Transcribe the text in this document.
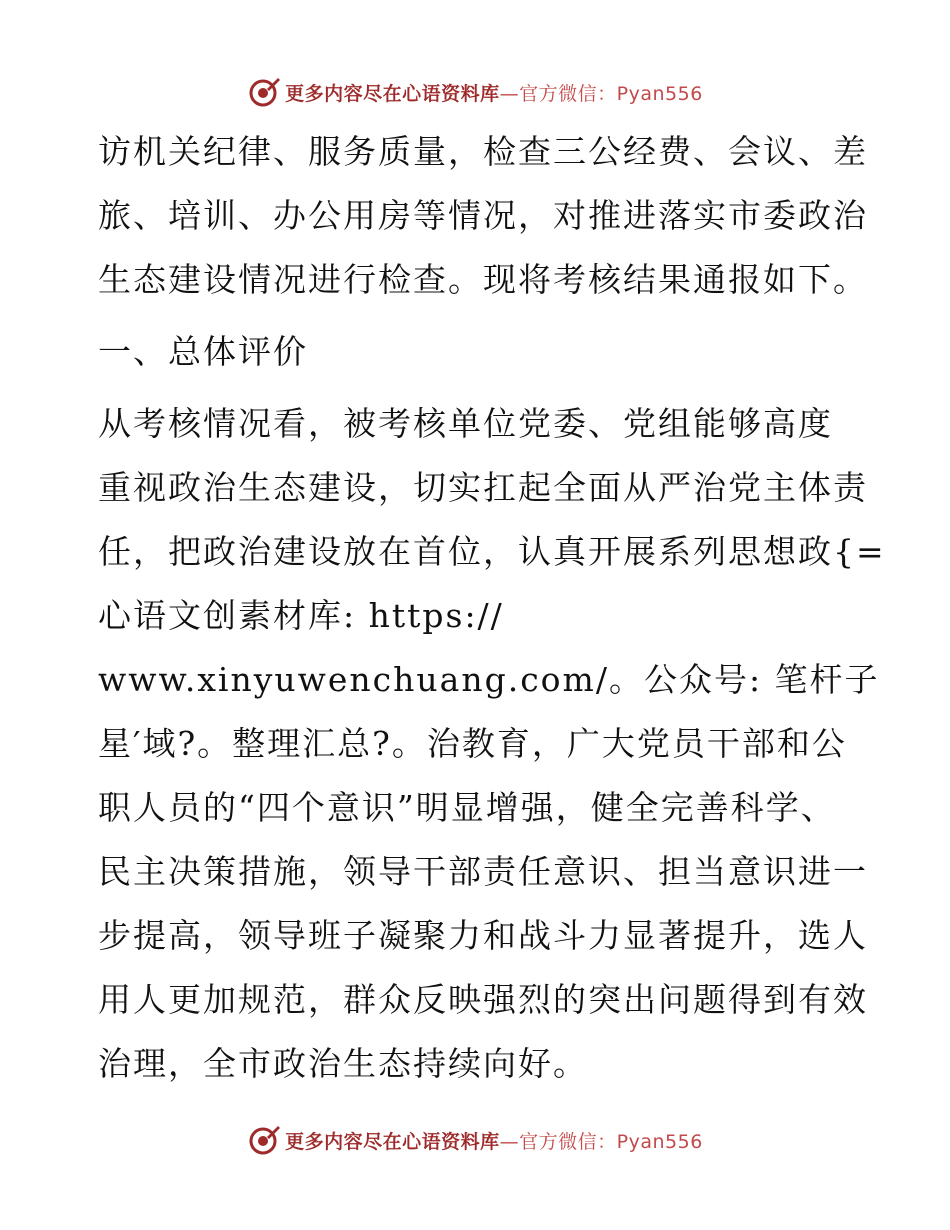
更多内容尽在心语资料库 —官方微信：Pyan556
访机关纪律、服务质量，检查三公经费、会议、差
旅、培训、办公用房等情况，对推进落实市委政治
生态建设情况进行检查。现将考核结果通报如下。
一、总体评价
从考核情况看，被考核单位党委、党组能够高度
重视政治生态建设，切实扛起全面从严治党主体责
任，把政治建设放在首位，认真开展系列思想政{=
心语文创素材库: https://
www.xinyuwenchuang.com/。公众号: 笔杆子
星′域?。整理汇总?。治教育，广大党员干部和公
职人员的“四个意识”明显增强，健全完善科学、
民主决策措施，领导干部责任意识、担当意识进一
步提高，领导班子凝聚力和战斗力显著提升，选人
用人更加规范，群众反映强烈的突出问题得到有效
治理，全市政治生态持续向好。
更多内容尽在心语资料库 —官方微信：Pyan556
